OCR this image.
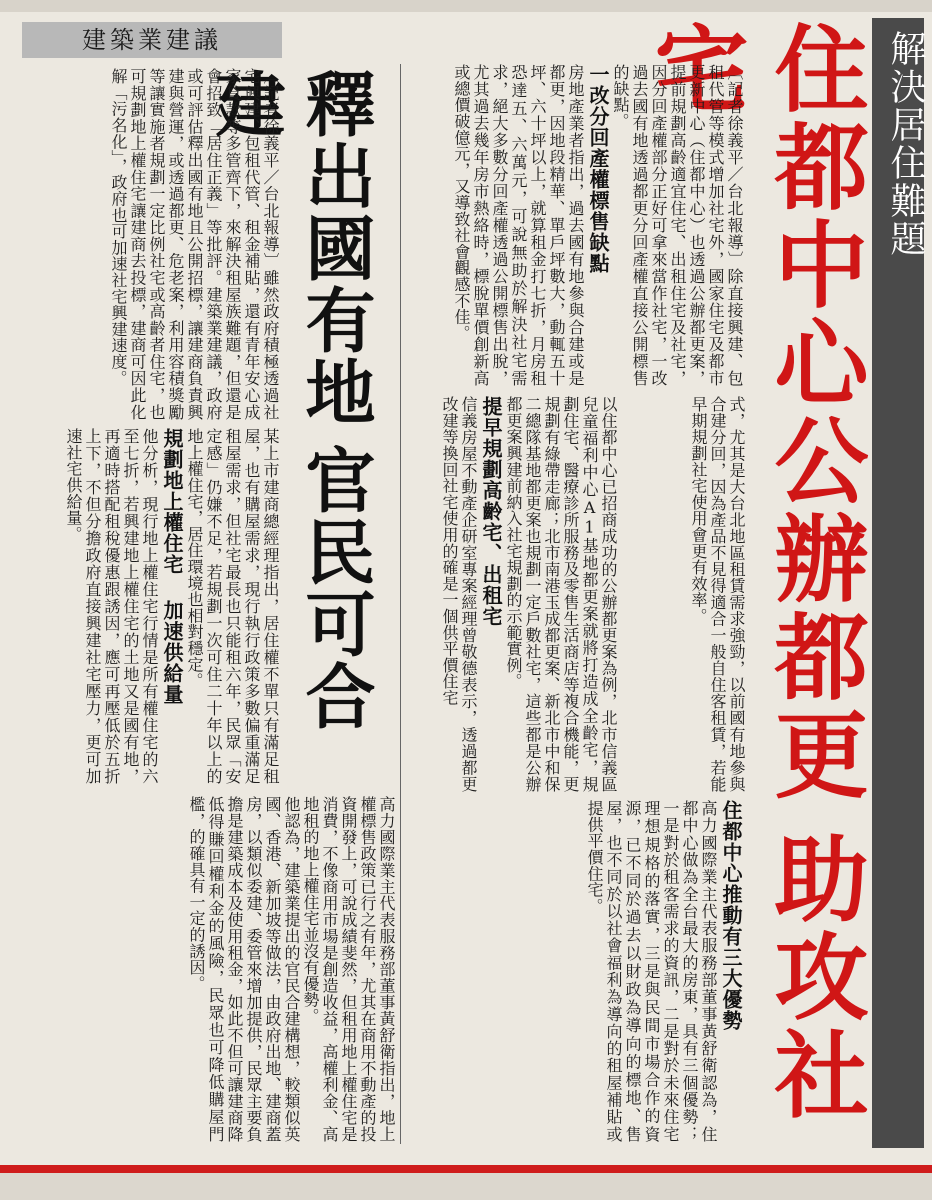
解決居住難題
住都中心公辦都更助攻社宅
〔記者徐義平／台北報導〕除直接興建、包租代管等模式增加社宅外，國家住宅及都市更新中心（住都中心）也透過公辦都更案，提前規劃高齡適宜住宅、出租住宅及社宅，因分回產權部分正好可拿來當作社宅，一改過去國有地透過都更分回產權直接公開標售的缺點。
一改分回產權標售缺點
房地產業者指出，過去國有地參與合建或是都更，因地段精華、單戶坪數大，動輒五十坪、六十坪以上，就算租金打七折，月房租恐達五、六萬元，可說無助於解決社宅需求，絕大多數分回產權透過公開標售出脫，尤其過去幾年房市熱絡時，標脫單價創新高或總價破億元，又導致社會觀感不佳。
式，尤其是大台北地區租賃需求強勁，以前國有地參與合建分回，因為產品不見得適合一般自住客租賃，若能早期規劃社宅使用會更有效率。
以住都中心已招商成功的公辦都更案為例，北市信義區兒童福利中心A1基地都更案就將打造成全齡宅，規劃住宅、醫療診所服務及零售生活商店等複合機能，更規劃有綠帶走廊；北市南港玉成都更案、新北市中和保二總隊基地都更案也規劃一定戶數社宅，這些都是公辦都更案興建前納入社宅規劃的示範實例。
提早規劃高齡宅、出租宅
信義房屋不動產企研室專案經理曾敬德表示，透過都更改建等換回社宅使用的確是一個供平價住宅
住都中心推動有三大優勢
高力國際業主代表服務部董事黃舒衛認為，住都中心做為全台最大的房東，具有三個優勢；一是對於租客需求的資訊，二是對於未來住宅理想規格的落實，三是與民間市場合作的資源，已不同於過去以財政為導向的標地、售屋，也不同於以社會福利為導向的租屋補貼或提供平價住宅。
建築業建議
釋出國有地官民可合建
〔記者徐義平／台北報導〕雖然政府積極透過社宅興建、包租代管、租金補貼，還有青年安心成家貸款等多管齊下，來解決租屋族難題，但還是會招致「居住正義」等批評。建築業建議，政府或可評估釋出國有地且公開招標，讓建商負責興建與營運，或透過都更、危老案，利用容積獎勵等讓實施者規劃一定比例社宅或高齡者住宅，也可規劃地上權住宅讓建商去投標，建商可因此化解「污名化」，政府也可加速社宅興建速度。
某上市建商總經理指出，居住權不單只有滿足租屋，也有購屋需求，現行執行政策多數偏重滿足租屋需求，但社宅最長也只能租六年，民眾「安定感」仍嫌不足，若規劃一次可住二十年以上的地上權住宅，居住環境也相對穩定。
規劃地上權住宅 加速供給量
他分析，現行地上權住宅行情是所有權住宅的六至七折，若興建地上權住宅的土地又是國有地，再適時搭配租稅優惠跟誘因，應可再壓低於五折上下，不但分擔政府直接興建社宅壓力，更可加速社宅供給量。
高力國際業主代表服務部董事黃舒衛指出，地上權標售政策已行之有年，尤其在商用不動產的投資開發上，可說成績斐然，但租用地上權住宅是消費，不像商用市場是創造收益，高權利金、高地租的地上權住宅並沒有優勢。
他認為，建築業提出的官民合建構想，較類似英國、香港、新加坡等做法，由政府出地、建商蓋房，以類似委建、委管來增加提供，民眾主要負擔是建築成本及使用租金，如此不但可讓建商降低得賺回權利金的風險，民眾也可降低購屋門檻，的確具有一定的誘因。
